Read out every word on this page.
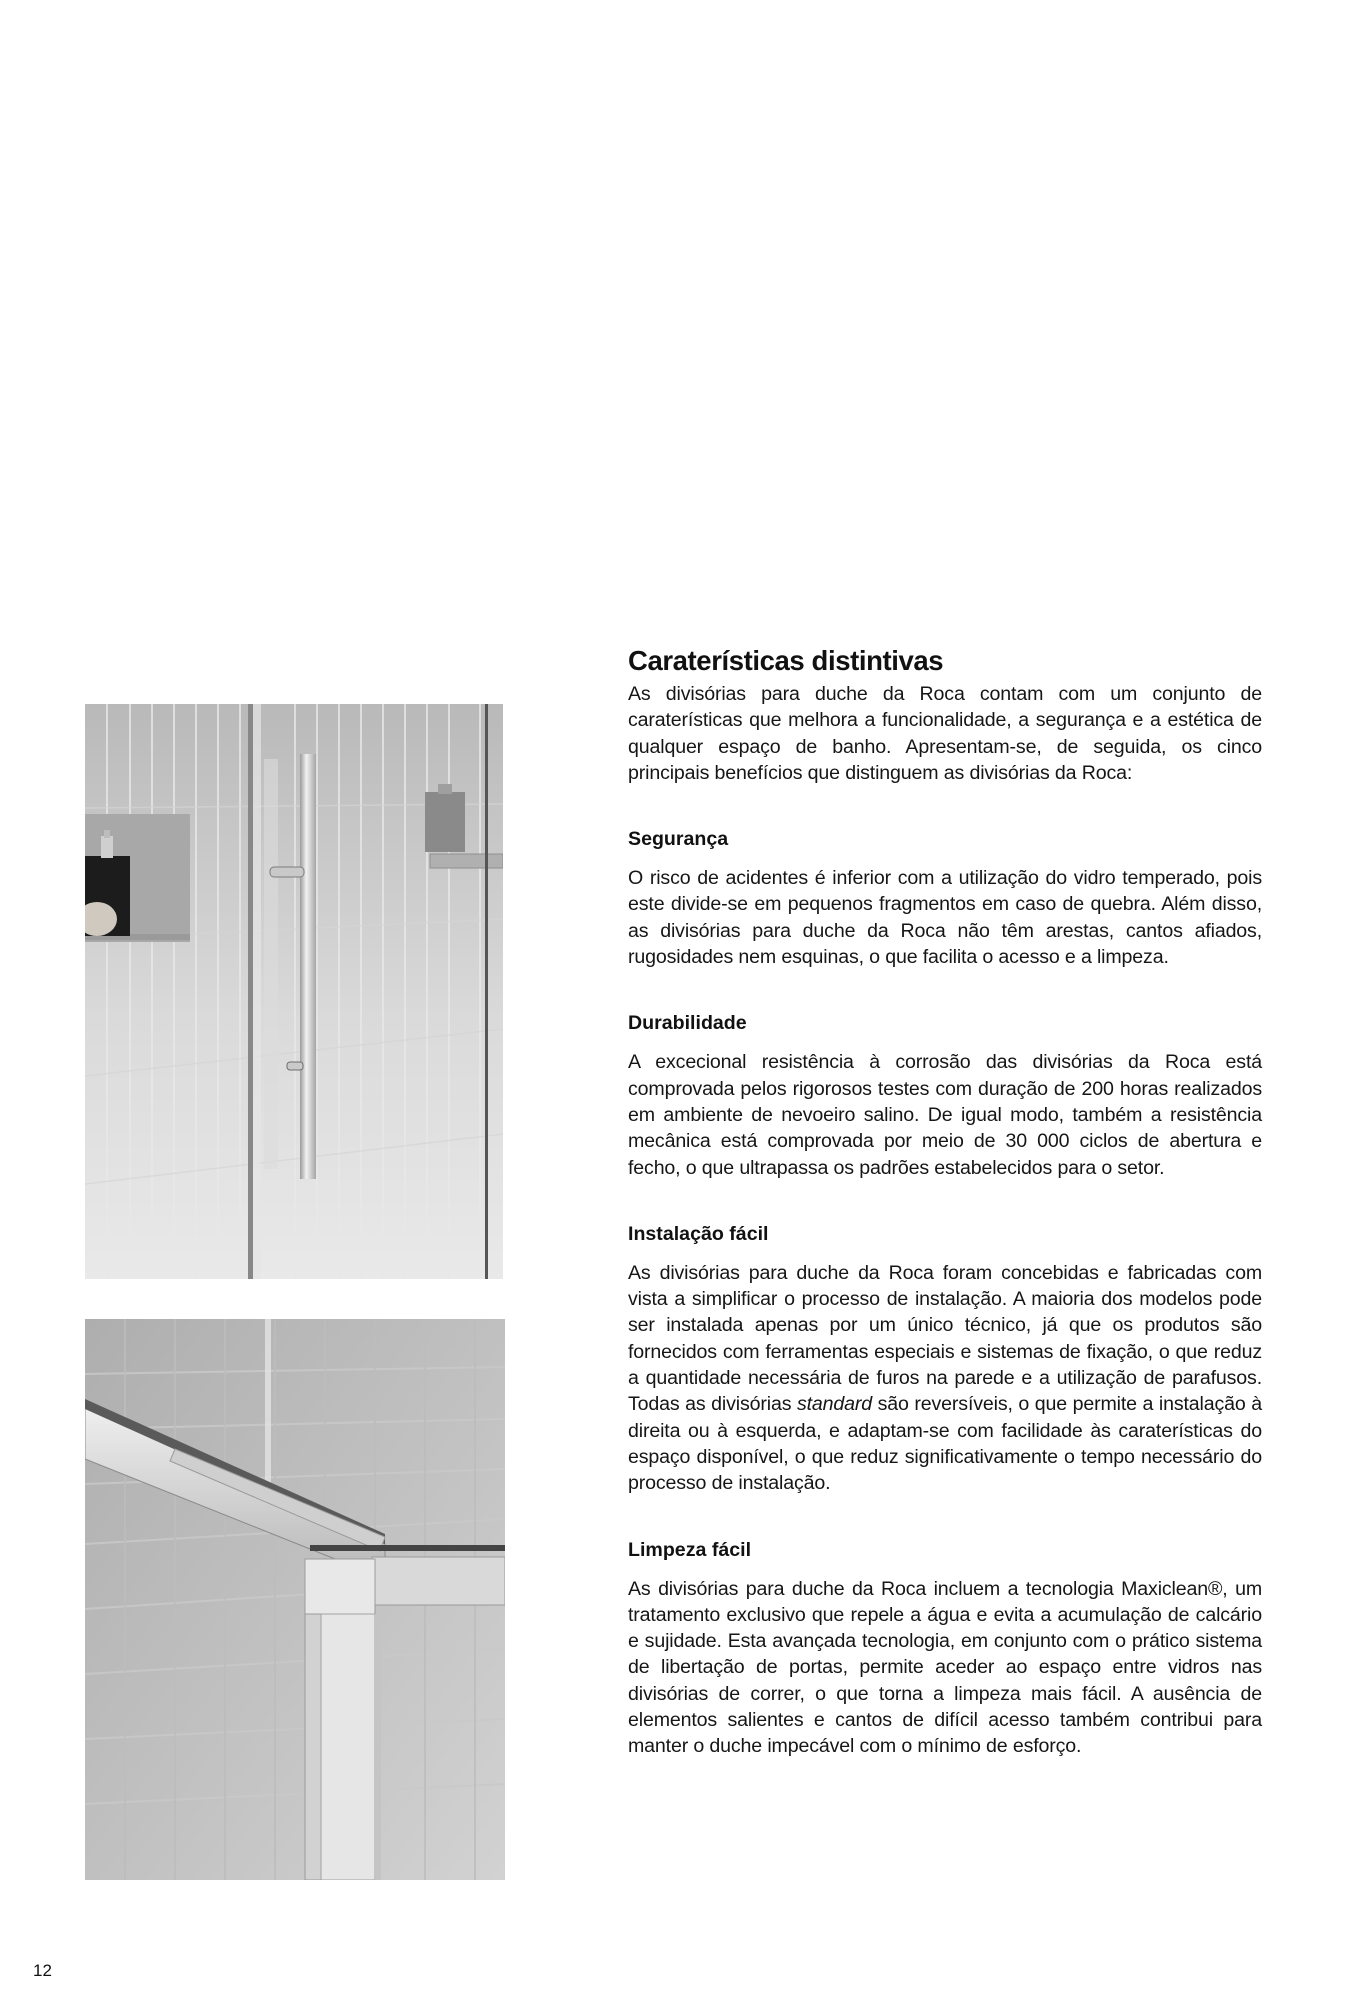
Caraterísticas distintivas

As divisórias para duche da Roca contam com um conjunto de caraterísticas que melhora a funcionalidade, a segurança e a estética de qualquer espaço de banho. Apresentam-se, de seguida, os cinco principais benefícios que distinguem as divisórias da Roca:

Segurança

O risco de acidentes é inferior com a utilização do vidro temperado, pois este divide-se em pequenos fragmentos em caso de quebra. Além disso, as divisórias para duche da Roca não têm arestas, cantos afiados, rugosidades nem esquinas, o que facilita o acesso e a limpeza.

Durabilidade

A excecional resistência à corrosão das divisórias da Roca está comprovada pelos rigorosos testes com duração de 200 horas realizados em ambiente de nevoeiro salino. De igual modo, também a resistência mecânica está comprovada por meio de 30 000 ciclos de abertura e fecho, o que ultrapassa os padrões estabelecidos para o setor.

Instalação fácil

As divisórias para duche da Roca foram concebidas e fabricadas com vista a simplificar o processo de instalação. A maioria dos modelos pode ser instalada apenas por um único técnico, já que os produtos são fornecidos com ferramentas especiais e sistemas de fixação, o que reduz a quantidade necessária de furos na parede e a utilização de parafusos. Todas as divisórias standard são reversíveis, o que permite a instalação à direita ou à esquerda, e adaptam-se com facilidade às caraterísticas do espaço disponível, o que reduz significativamente o tempo necessário do processo de instalação.

Limpeza fácil

As divisórias para duche da Roca incluem a tecnologia Maxiclean®, um tratamento exclusivo que repele a água e evita a acumulação de calcário e sujidade. Esta avançada tecnologia, em conjunto com o prático sistema de libertação de portas, permite aceder ao espaço entre vidros nas divisórias de correr, o que torna a limpeza mais fácil. A ausência de elementos salientes e cantos de difícil acesso também contribui para manter o duche impecável com o mínimo de esforço.

12
